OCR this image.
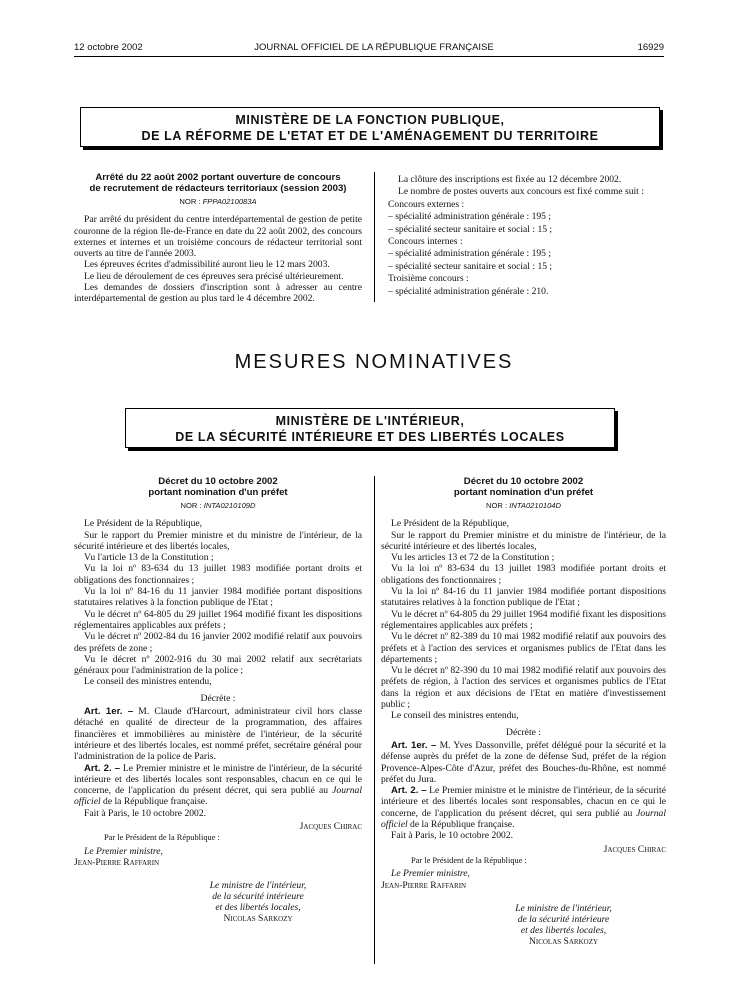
12 octobre 2002	JOURNAL OFFICIEL DE LA RÉPUBLIQUE FRANÇAISE	16929
MINISTÈRE DE LA FONCTION PUBLIQUE,
DE LA RÉFORME DE L'ETAT ET DE L'AMÉNAGEMENT DU TERRITOIRE
Arrêté du 22 août 2002 portant ouverture de concours
de recrutement de rédacteurs territoriaux (session 2003)
NOR : FPPA0210083A

Par arrêté du président du centre interdépartemental de gestion de petite couronne de la région Ile-de-France en date du 22 août 2002, des concours externes et internes et un troisième concours de rédacteur territorial sont ouverts au titre de l'année 2003.

Les épreuves écrites d'admissibilité auront lieu le 12 mars 2003.

Le lieu de déroulement de ces épreuves sera précisé ultérieurement.

Les demandes de dossiers d'inscription sont à adresser au centre interdépartemental de gestion au plus tard le 4 décembre 2002.

La clôture des inscriptions est fixée au 12 décembre 2002.

Le nombre de postes ouverts aux concours est fixé comme suit :

Concours externes :

– spécialité administration générale : 195 ;

– spécialité secteur sanitaire et social : 15 ;

Concours internes :

– spécialité administration générale : 195 ;

– spécialité secteur sanitaire et social : 15 ;

Troisième concours :

– spécialité administration générale : 210.

MESURES NOMINATIVES
MINISTÈRE DE L'INTÉRIEUR,
DE LA SÉCURITÉ INTÉRIEURE ET DES LIBERTÉS LOCALES
Décret du 10 octobre 2002
portant nomination d'un préfet
NOR : INTA0210109D

Le Président de la République,

Sur le rapport du Premier ministre et du ministre de l'intérieur, de la sécurité intérieure et des libertés locales,

Vu l'article 13 de la Constitution ;

Vu la loi nº 83-634 du 13 juillet 1983 modifiée portant droits et obligations des fonctionnaires ;

Vu la loi nº 84-16 du 11 janvier 1984 modifiée portant dispositions statutaires relatives à la fonction publique de l'Etat ;

Vu le décret nº 64-805 du 29 juillet 1964 modifié fixant les dispositions réglementaires applicables aux préfets ;

Vu le décret nº 2002-84 du 16 janvier 2002 modifié relatif aux pouvoirs des préfets de zone ;

Vu le décret nº 2002-916 du 30 mai 2002 relatif aux secrétariats généraux pour l'administration de la police ;

Le conseil des ministres entendu,

Décrète :

Art. 1er. – M. Claude d'Harcourt, administrateur civil hors classe détaché en qualité de directeur de la programmation, des affaires financières et immobilières au ministère de l'intérieur, de la sécurité intérieure et des libertés locales, est nommé préfet, secrétaire général pour l'administration de la police de Paris.

Art. 2. – Le Premier ministre et le ministre de l'intérieur, de la sécurité intérieure et des libertés locales sont responsables, chacun en ce qui le concerne, de l'application du présent décret, qui sera publié au Journal officiel de la République française.

Fait à Paris, le 10 octobre 2002.

Jacques Chirac
Par le Président de la République :
Le Premier ministre,
Jean-Pierre Raffarin
Le ministre de l'intérieur,
de la sécurité intérieure
et des libertés locales,
Nicolas Sarkozy
Décret du 10 octobre 2002
portant nomination d'un préfet
NOR : INTA0210104D

Le Président de la République,

Sur le rapport du Premier ministre et du ministre de l'intérieur, de la sécurité intérieure et des libertés locales,

Vu les articles 13 et 72 de la Constitution ;

Vu la loi nº 83-634 du 13 juillet 1983 modifiée portant droits et obligations des fonctionnaires ;

Vu la loi nº 84-16 du 11 janvier 1984 modifiée portant dispositions statutaires relatives à la fonction publique de l'Etat ;

Vu le décret nº 64-805 du 29 juillet 1964 modifié fixant les dispositions réglementaires applicables aux préfets ;

Vu le décret nº 82-389 du 10 mai 1982 modifié relatif aux pouvoirs des préfets et à l'action des services et organismes publics de l'Etat dans les départements ;

Vu le décret nº 82-390 du 10 mai 1982 modifié relatif aux pouvoirs des préfets de région, à l'action des services et organismes publics de l'Etat dans la région et aux décisions de l'Etat en matière d'investissement public ;

Le conseil des ministres entendu,

Décrète :

Art. 1er. – M. Yves Dassonville, préfet délégué pour la sécurité et la défense auprès du préfet de la zone de défense Sud, préfet de la région Provence-Alpes-Côte d'Azur, préfet des Bouches-du-Rhône, est nommé préfet du Jura.

Art. 2. – Le Premier ministre et le ministre de l'intérieur, de la sécurité intérieure et des libertés locales sont responsables, chacun en ce qui le concerne, de l'application du présent décret, qui sera publié au Journal officiel de la République française.

Fait à Paris, le 10 octobre 2002.

Jacques Chirac
Par le Président de la République :
Le Premier ministre,
Jean-Pierre Raffarin
Le ministre de l'intérieur,
de la sécurité intérieure
et des libertés locales,
Nicolas Sarkozy
